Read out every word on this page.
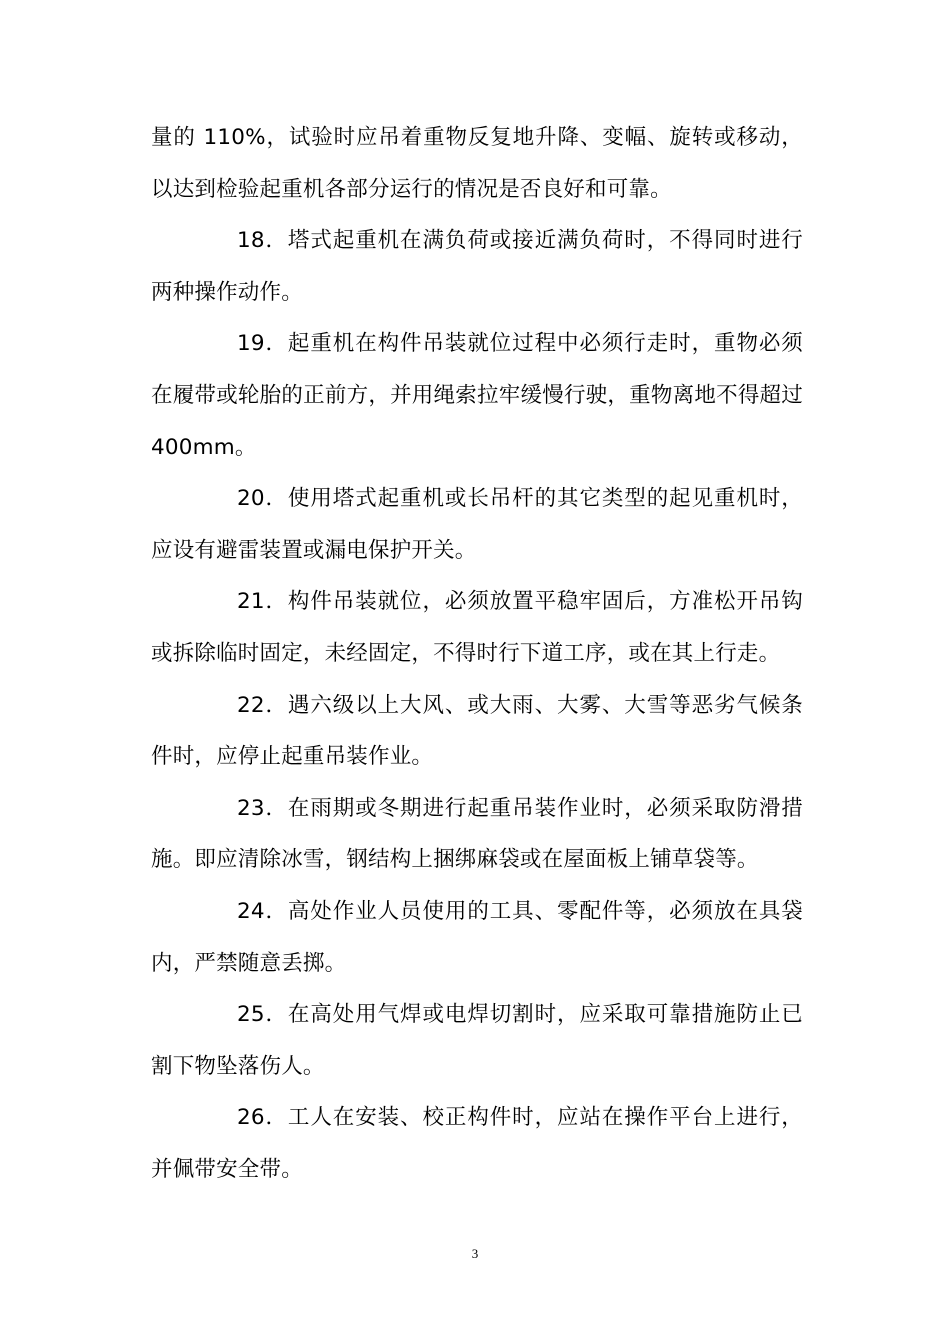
量的 110%，试验时应吊着重物反复地升降、变幅、旋转或移动，以达到检验起重机各部分运行的情况是否良好和可靠。

18．塔式起重机在满负荷或接近满负荷时，不得同时进行两种操作动作。

19．起重机在构件吊装就位过程中必须行走时，重物必须在履带或轮胎的正前方，并用绳索拉牢缓慢行驶，重物离地不得超过 400mm。

20．使用塔式起重机或长吊杆的其它类型的起见重机时，应设有避雷装置或漏电保护开关。

21．构件吊装就位，必须放置平稳牢固后，方准松开吊钩或拆除临时固定，未经固定，不得时行下道工序，或在其上行走。

22．遇六级以上大风、或大雨、大雾、大雪等恶劣气候条件时，应停止起重吊装作业。

23．在雨期或冬期进行起重吊装作业时，必须采取防滑措施。即应清除冰雪，钢结构上捆绑麻袋或在屋面板上铺草袋等。

24．高处作业人员使用的工具、零配件等，必须放在具袋内，严禁随意丢掷。

25．在高处用气焊或电焊切割时，应采取可靠措施防止已割下物坠落伤人。

26．工人在安装、校正构件时，应站在操作平台上进行，并佩带安全带。

3
